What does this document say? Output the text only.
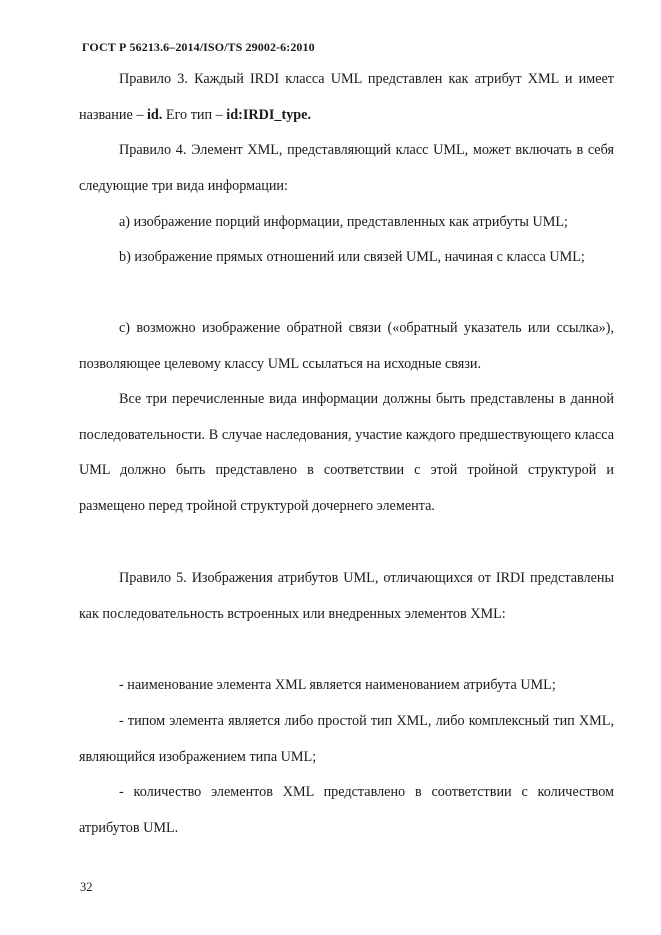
ГОСТ Р 56213.6–2014/ISO/TS 29002-6:2010
Правило 3. Каждый IRDI класса UML представлен как атрибут XML и имеет название – id. Его тип – id:IRDI_type.
Правило 4. Элемент XML, представляющий класс UML, может включать в себя следующие три вида информации:
а) изображение порций информации, представленных как атрибуты UML;
b) изображение прямых отношений или связей UML, начиная с класса UML;
c) возможно изображение обратной связи («обратный указатель или ссылка»), позволяющее целевому классу UML ссылаться на исходные связи.
Все три перечисленные вида информации должны быть представлены в данной последовательности. В случае наследования, участие каждого предшествующего класса UML должно быть представлено в соответствии с этой тройной структурой и размещено перед тройной структурой дочернего элемента.
Правило 5. Изображения атрибутов UML, отличающихся от IRDI представлены как последовательность встроенных или внедренных элементов XML:
- наименование элемента XML является наименованием атрибута UML;
- типом элемента является либо простой тип XML, либо комплексный тип XML, являющийся изображением типа UML;
- количество элементов XML представлено в соответствии с количеством атрибутов UML.
32
